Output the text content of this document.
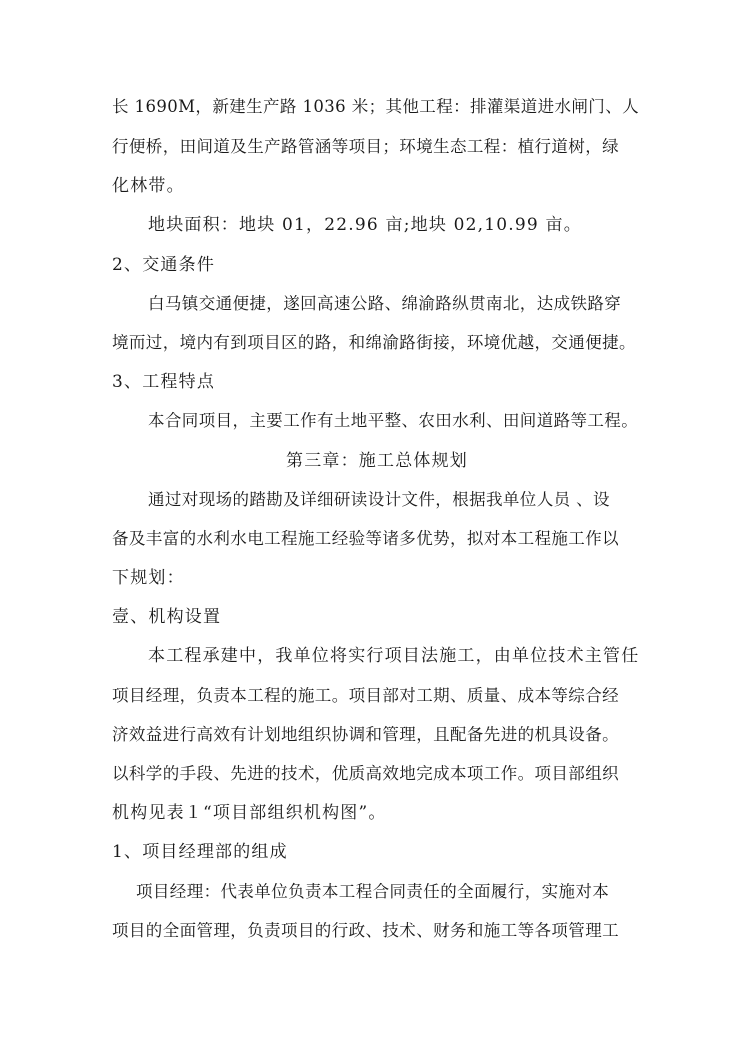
长 1690M，新建生产路 1036 米；其他工程：排灌渠道进水闸门、人
行便桥，田间道及生产路管涵等项目；环境生态工程：植行道树，绿
化林带。
地块面积：地块 01，22.96 亩;地块 02,10.99 亩。
2、交通条件
白马镇交通便捷，遂回高速公路、绵渝路纵贯南北，达成铁路穿
境而过，境内有到项目区的路，和绵渝路街接，环境优越，交通便捷。
3、工程特点
本合同项目，主要工作有土地平整、农田水利、田间道路等工程。
第三章：施工总体规划
通过对现场的踏勘及详细研读设计文件，根据我单位人员 、设
备及丰富的水利水电工程施工经验等诸多优势，拟对本工程施工作以
下规划：
壹、机构设置
本工程承建中，我单位将实行项目法施工，由单位技术主管任
项目经理，负责本工程的施工。项目部对工期、质量、成本等综合经
济效益进行高效有计划地组织协调和管理，且配备先进的机具设备。
以科学的手段、先进的技术，优质高效地完成本项工作。项目部组织
机构见表１“项目部组织机构图”。
1、项目经理部的组成
项目经理：代表单位负责本工程合同责任的全面履行，实施对本
项目的全面管理，负责项目的行政、技术、财务和施工等各项管理工
